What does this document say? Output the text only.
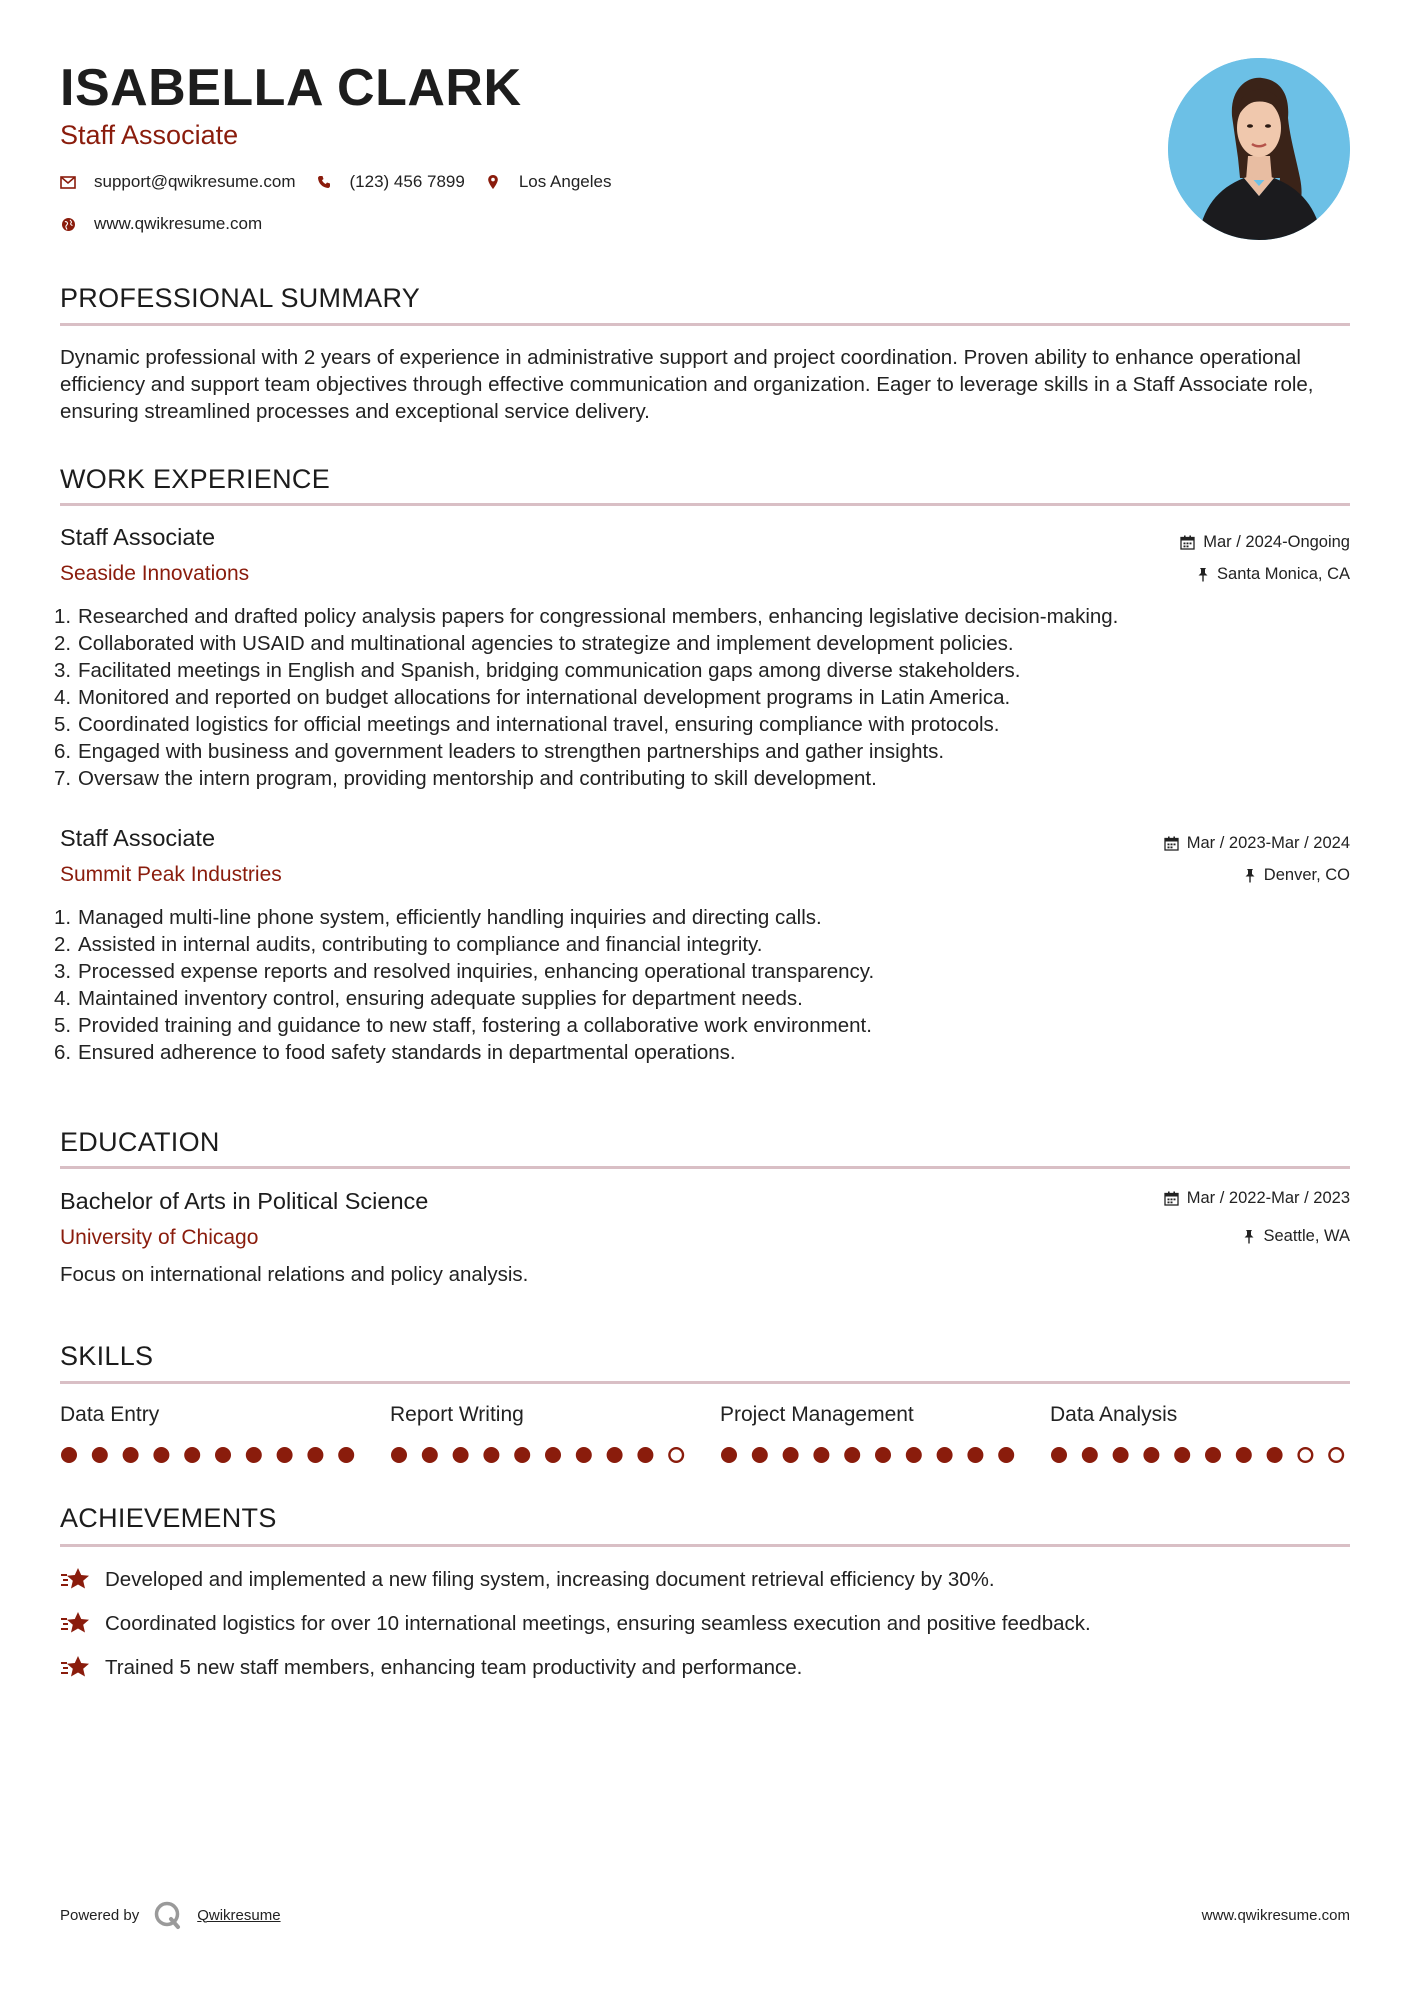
ISABELLA CLARK
Staff Associate
support@qwikresume.com	(123) 456 7899	Los Angeles
www.qwikresume.com
PROFESSIONAL SUMMARY
Dynamic professional with 2 years of experience in administrative support and project coordination. Proven ability to enhance operational efficiency and support team objectives through effective communication and organization. Eager to leverage skills in a Staff Associate role, ensuring streamlined processes and exceptional service delivery.
WORK EXPERIENCE
Staff Associate
Seaside Innovations
Mar / 2024-Ongoing
Santa Monica, CA
1. Researched and drafted policy analysis papers for congressional members, enhancing legislative decision-making.
2. Collaborated with USAID and multinational agencies to strategize and implement development policies.
3. Facilitated meetings in English and Spanish, bridging communication gaps among diverse stakeholders.
4. Monitored and reported on budget allocations for international development programs in Latin America.
5. Coordinated logistics for official meetings and international travel, ensuring compliance with protocols.
6. Engaged with business and government leaders to strengthen partnerships and gather insights.
7. Oversaw the intern program, providing mentorship and contributing to skill development.
Staff Associate
Summit Peak Industries
Mar / 2023-Mar / 2024
Denver, CO
1. Managed multi-line phone system, efficiently handling inquiries and directing calls.
2. Assisted in internal audits, contributing to compliance and financial integrity.
3. Processed expense reports and resolved inquiries, enhancing operational transparency.
4. Maintained inventory control, ensuring adequate supplies for department needs.
5. Provided training and guidance to new staff, fostering a collaborative work environment.
6. Ensured adherence to food safety standards in departmental operations.
EDUCATION
Bachelor of Arts in Political Science
University of Chicago
Mar / 2022-Mar / 2023
Seattle, WA
Focus on international relations and policy analysis.
SKILLS
Data Entry	Report Writing	Project Management	Data Analysis
ACHIEVEMENTS
Developed and implemented a new filing system, increasing document retrieval efficiency by 30%.
Coordinated logistics for over 10 international meetings, ensuring seamless execution and positive feedback.
Trained 5 new staff members, enhancing team productivity and performance.
Powered by	Qwikresume	www.qwikresume.com
